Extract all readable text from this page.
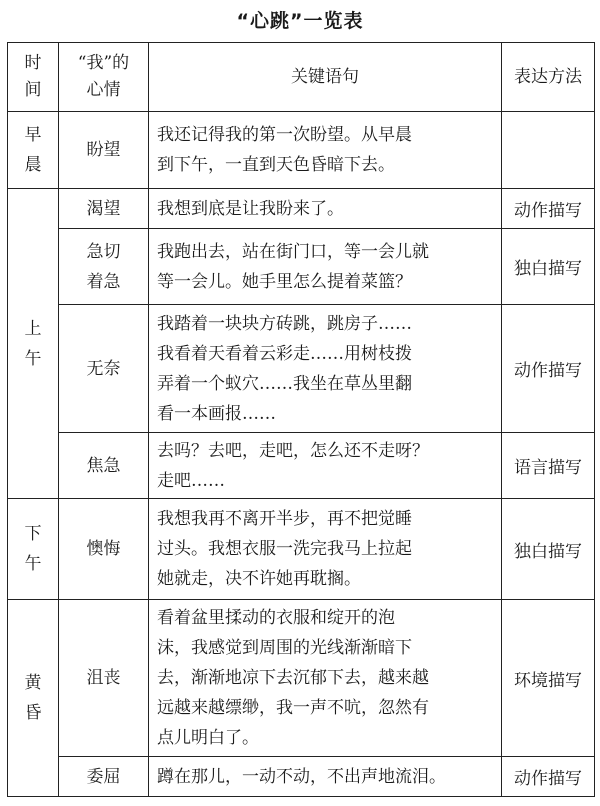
“心跳”一览表
时
间	“我”的
心情	关键语句	表达方法

早
晨	盼望	我还记得我的第一次盼望。从早晨
到下午，一直到天色昏暗下去。	

上
午	渴望	我想到底是让我盼来了。	动作描写

	急切
着急	我跑出去，站在街门口，等一会儿就
等一会儿。她手里怎么提着菜篮？	独白描写
	无奈	我踏着一块块方砖跳，跳房子……
我看着天看着云彩走……用树枝拨
弄着一个蚁穴……我坐在草丛里翻
看一本画报……	动作描写
	焦急	去吗？去吧，走吧，怎么还不走呀？
走吧……	语言描写

下
午	懊悔	我想我再不离开半步，再不把觉睡
过头。我想衣服一洗完我马上拉起
她就走，决不许她再耽搁。	独白描写

黄
昏	沮丧	看着盆里揉动的衣服和绽开的泡
沫，我感觉到周围的光线渐渐暗下
去，渐渐地凉下去沉郁下去，越来越
远越来越缥缈，我一声不吭，忽然有
点儿明白了。	环境描写
	委屈	蹲在那儿，一动不动，不出声地流泪。	动作描写
